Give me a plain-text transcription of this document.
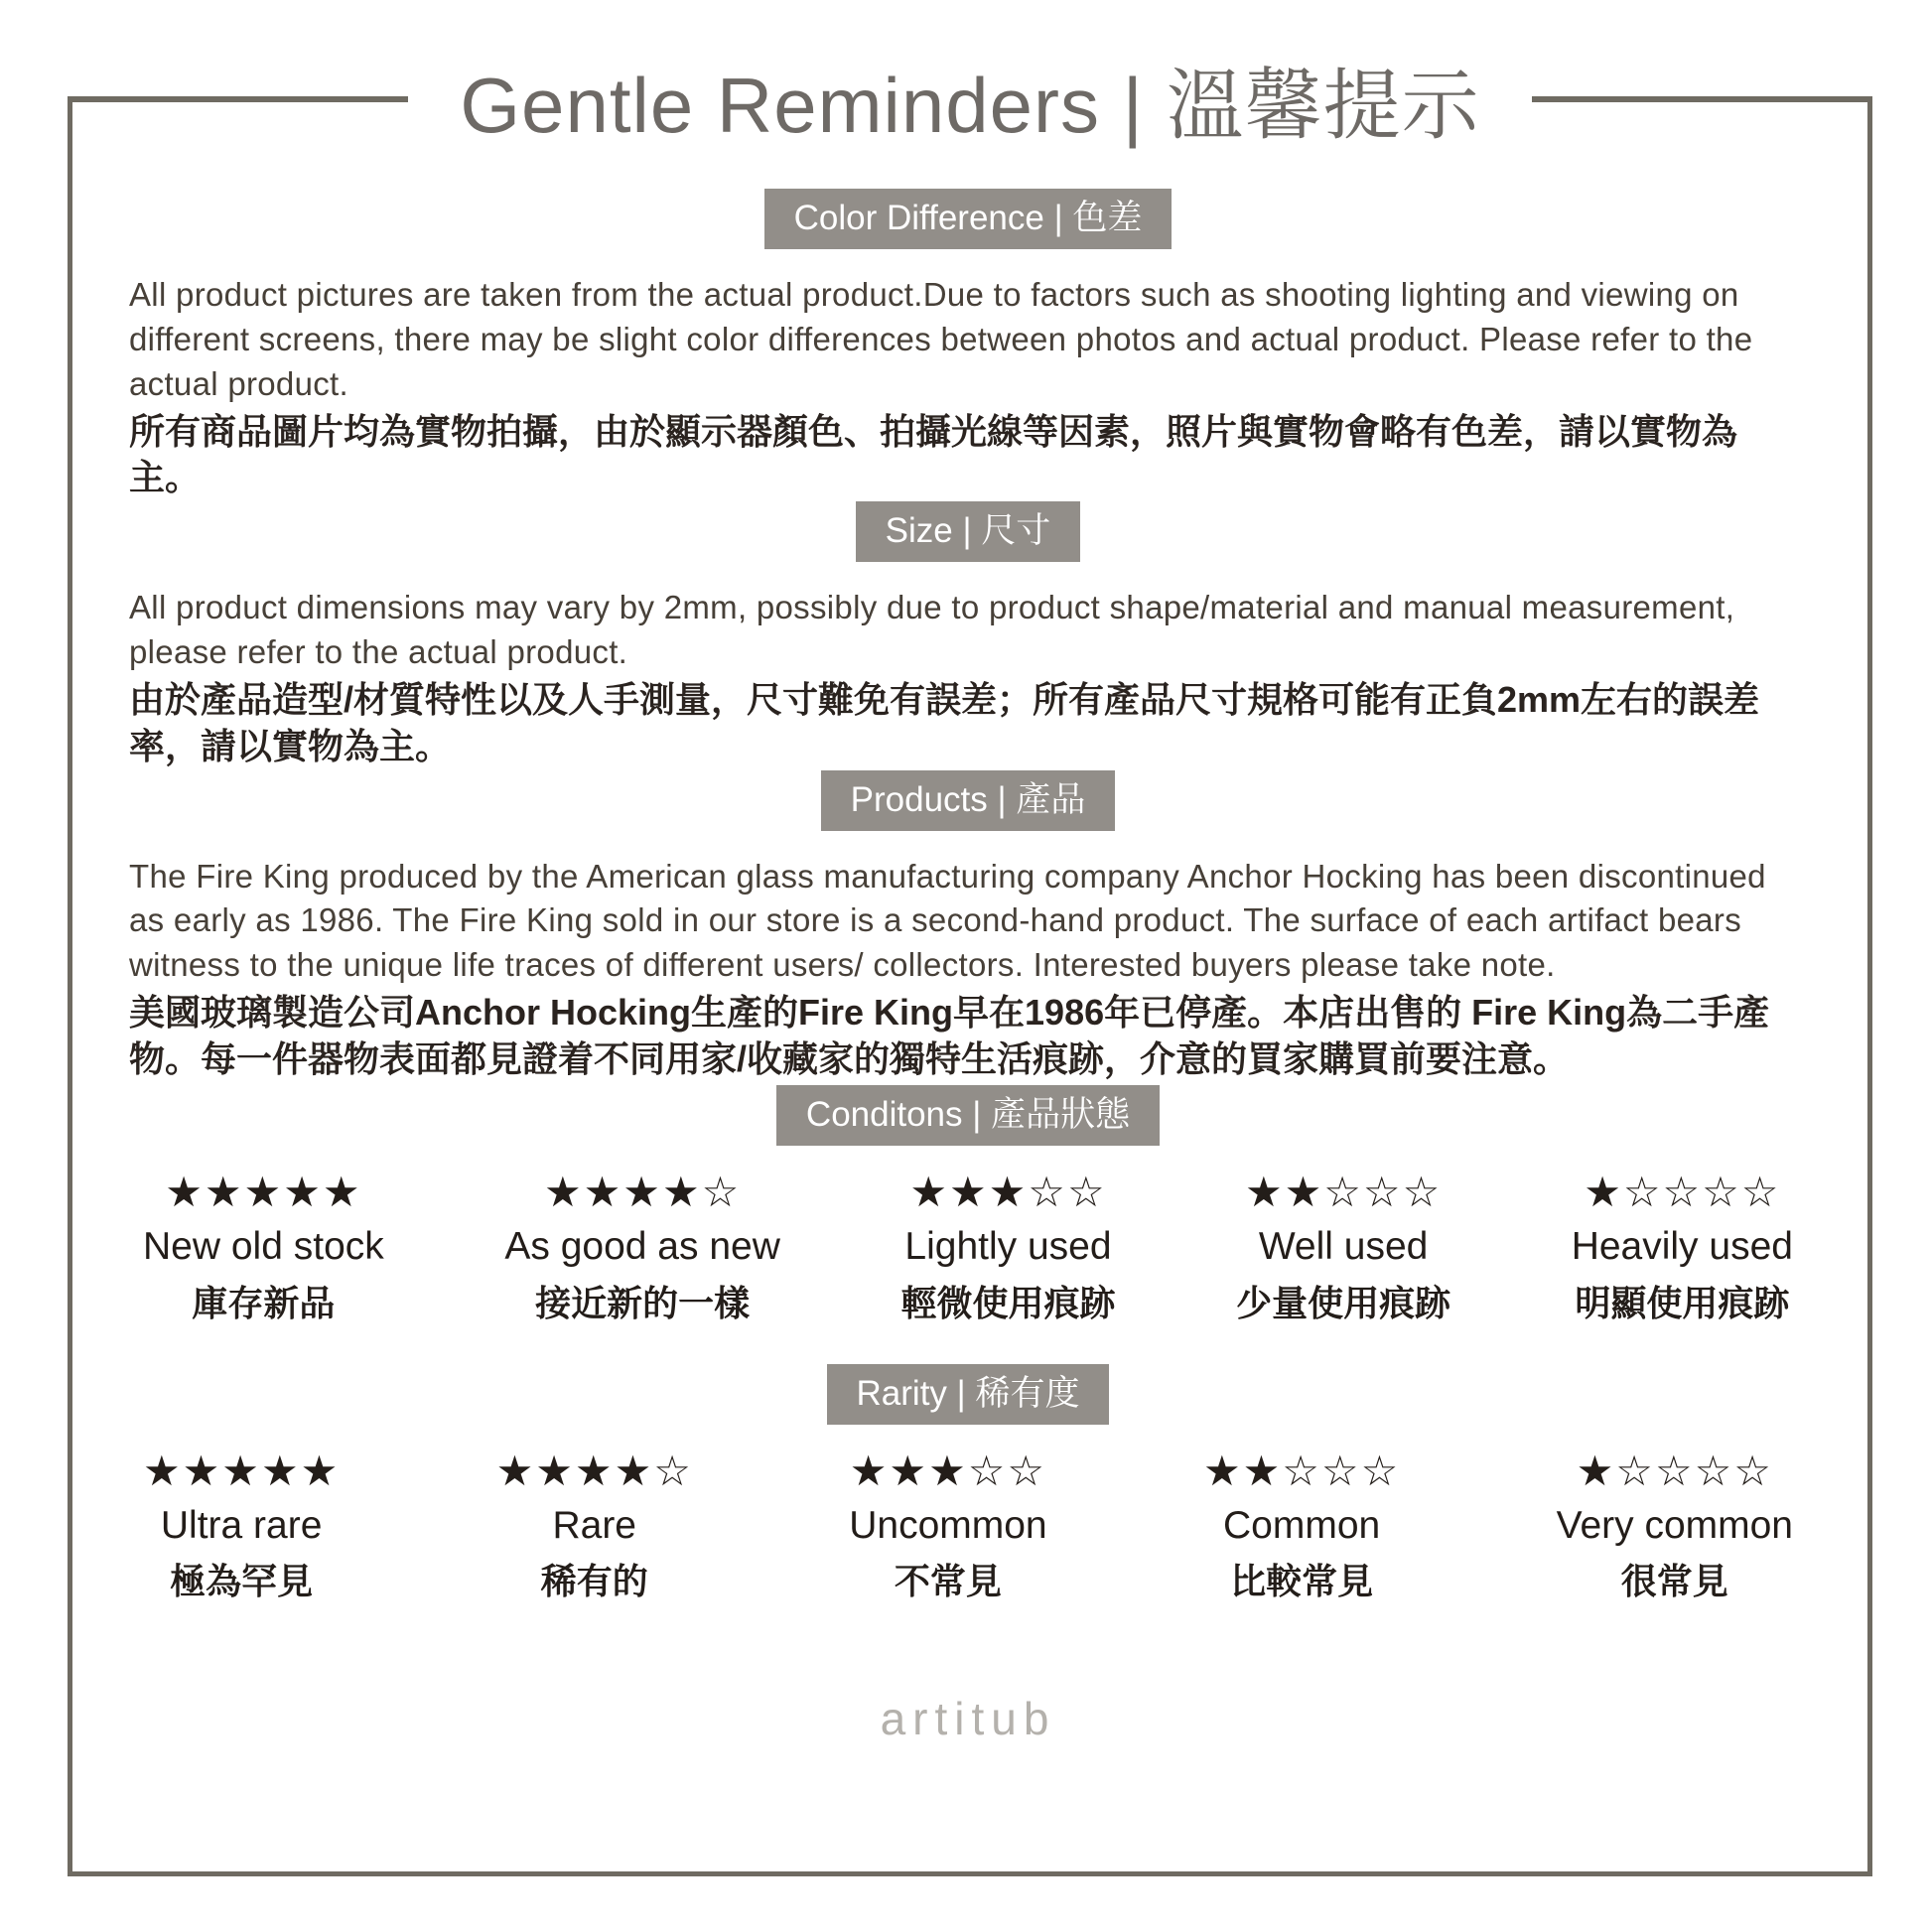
Gentle Reminders | 溫馨提示
Color Difference | 色差
All product pictures are taken from the actual product.Due to factors such as shooting lighting and viewing on different screens, there may be slight color differences between photos and actual product. Please refer to the actual product.
所有商品圖片均為實物拍攝，由於顯示器顏色、拍攝光線等因素，照片與實物會略有色差，請以實物為主。
Size | 尺寸
All product dimensions may vary by 2mm, possibly due to product shape/material and manual measurement, please refer to the actual product.
由於產品造型/材質特性以及人手測量，尺寸難免有誤差；所有產品尺寸規格可能有正負2mm左右的誤差率，請以實物為主。
Products | 產品
The Fire King produced by the American glass manufacturing company Anchor Hocking has been discontinued as early as 1986. The Fire King sold in our store is a second-hand product. The surface of each artifact bears witness to the unique life traces of different users/ collectors. Interested buyers please take note.
美國玻璃製造公司Anchor Hocking生產的Fire King早在1986年已停產。本店出售的 Fire King為二手產物。每一件器物表面都見證着不同用家/收藏家的獨特生活痕跡，介意的買家購買前要注意。
Conditons | 產品狀態
★★★★★
New old stock
庫存新品
★★★★☆
As good as new
接近新的一樣
★★★☆☆
Lightly used
輕微使用痕跡
★★☆☆☆
Well used
少量使用痕跡
★☆☆☆☆
Heavily used
明顯使用痕跡
Rarity | 稀有度
★★★★★
Ultra rare
極為罕見
★★★★☆
Rare
稀有的
★★★☆☆
Uncommon
不常見
★★☆☆☆
Common
比較常見
★☆☆☆☆
Very common
很常見
artitub
